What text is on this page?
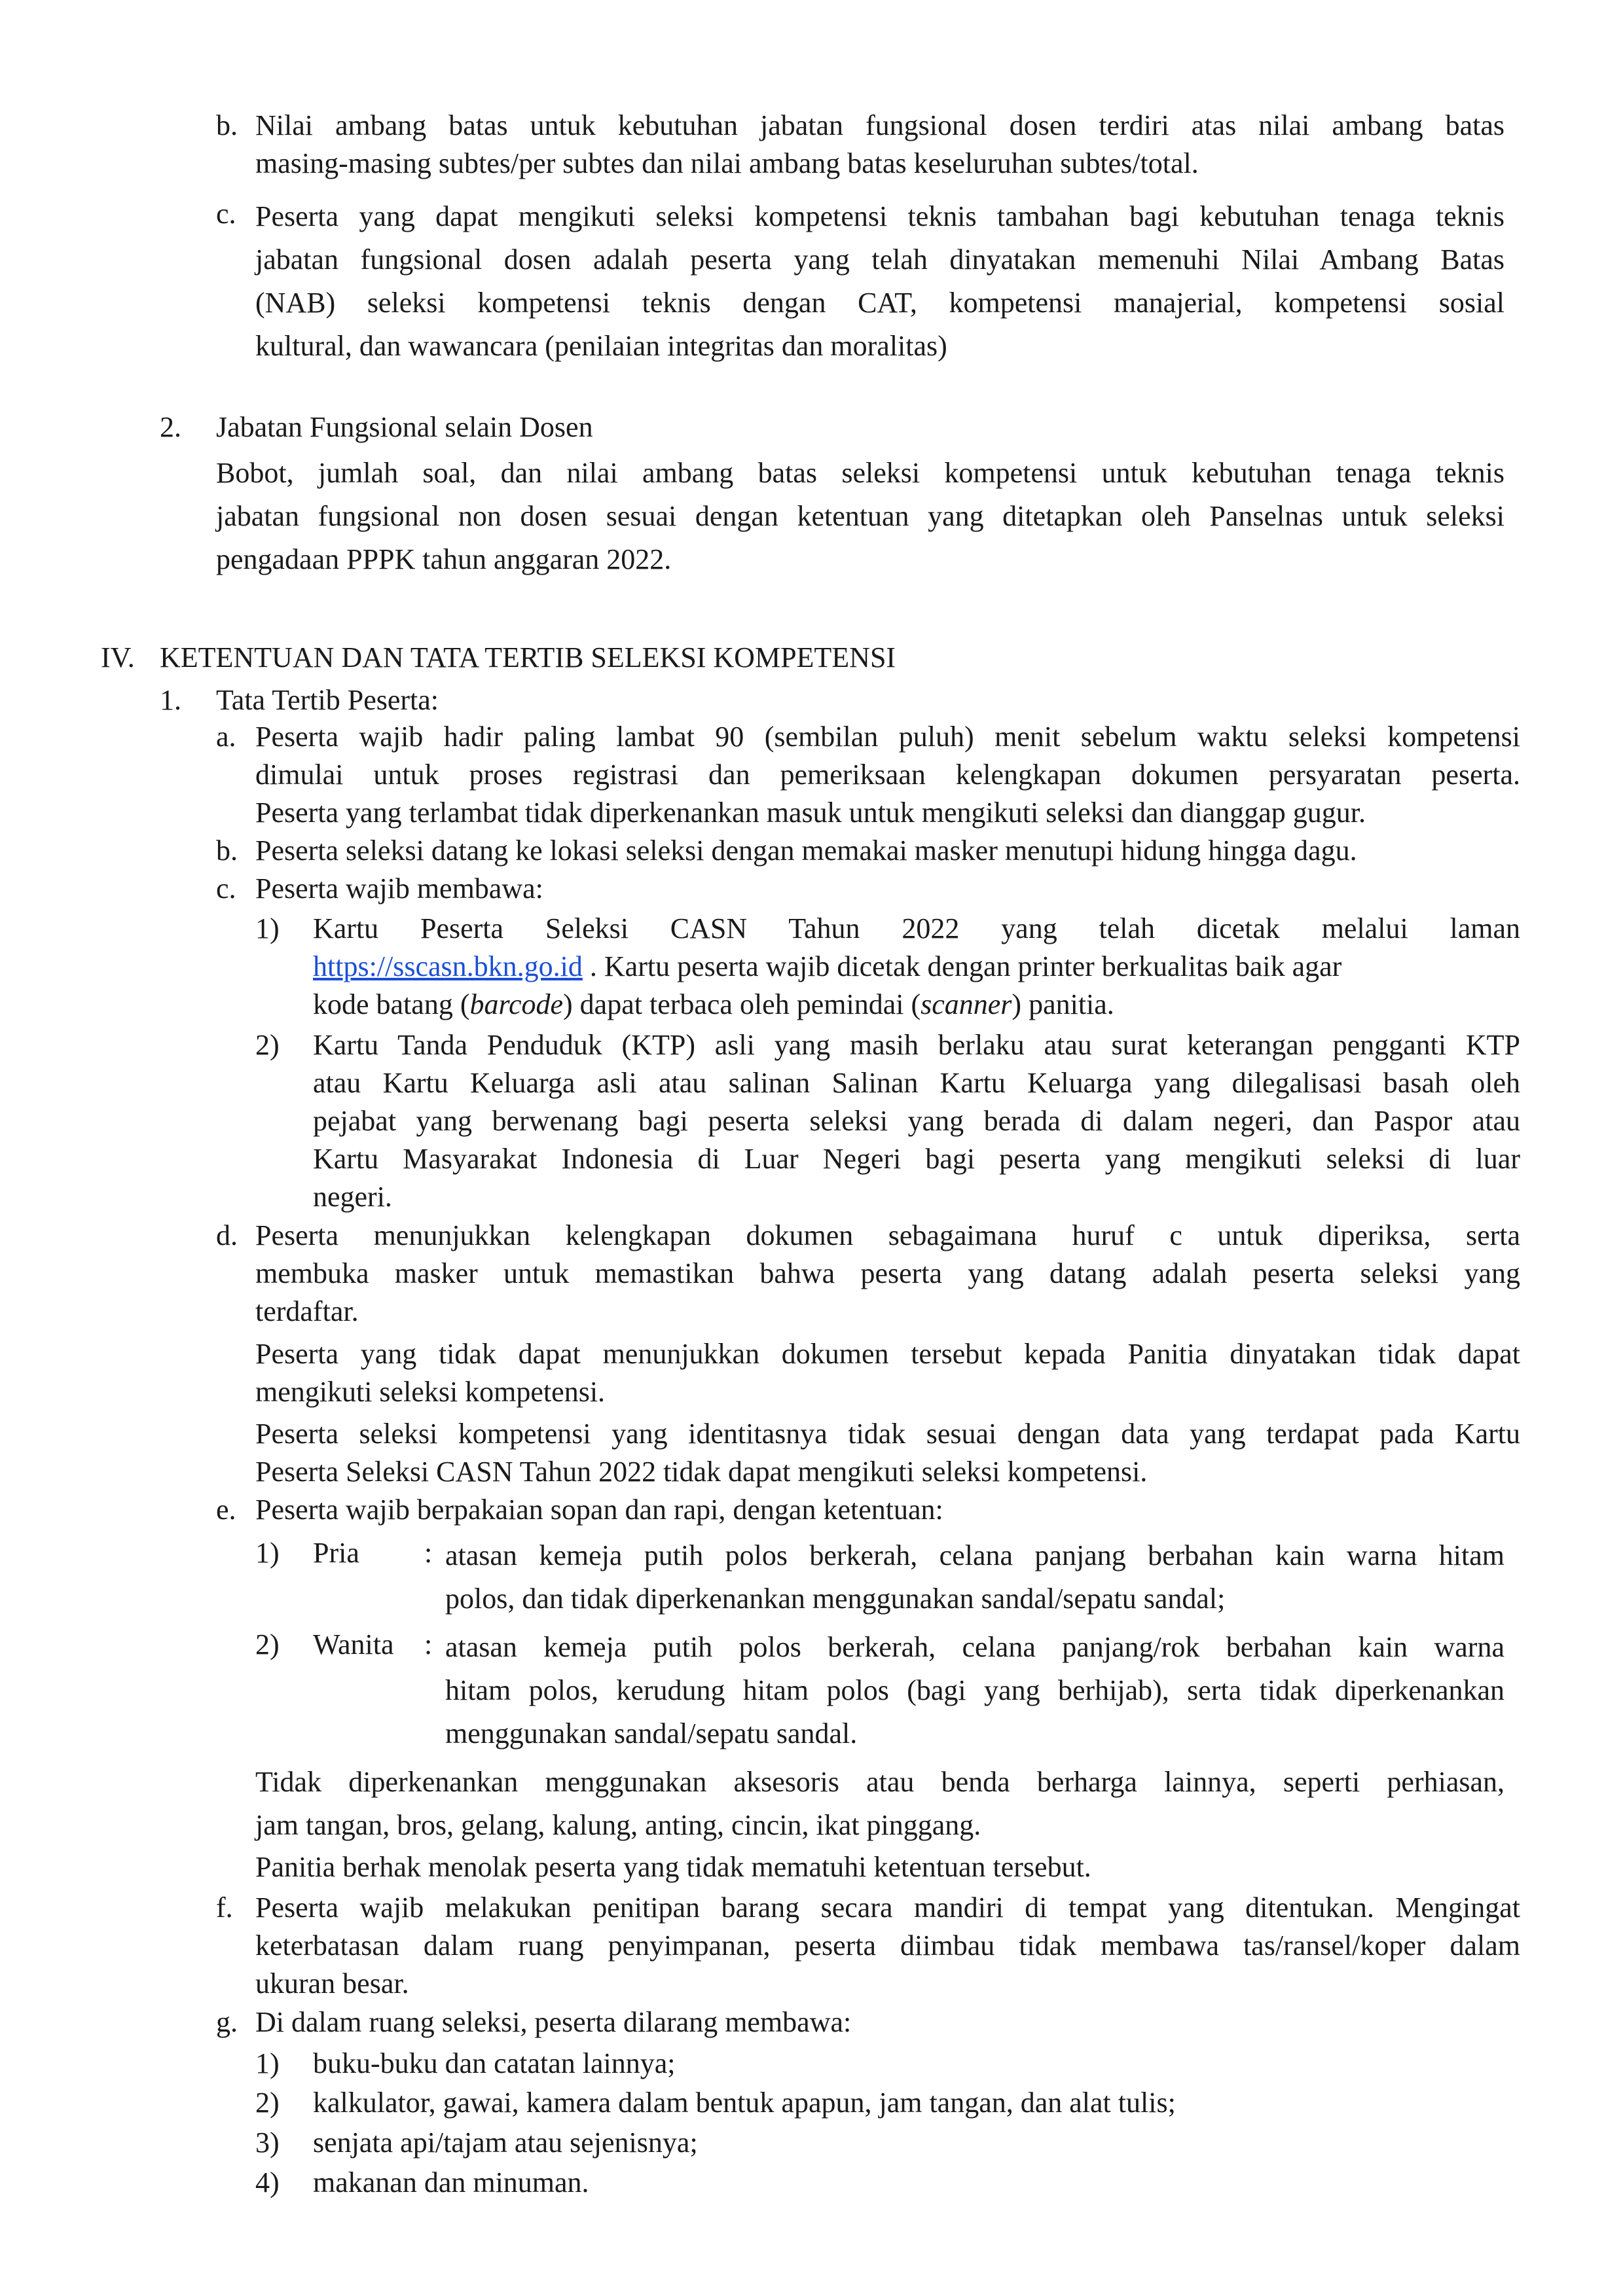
b. Nilai ambang batas untuk kebutuhan jabatan fungsional dosen terdiri atas nilai ambang batas
masing-masing subtes/per subtes dan nilai ambang batas keseluruhan subtes/total.
c. Peserta yang dapat mengikuti seleksi kompetensi teknis tambahan bagi kebutuhan tenaga teknis
jabatan fungsional dosen adalah peserta yang telah dinyatakan memenuhi Nilai Ambang Batas
(NAB) seleksi kompetensi teknis dengan CAT, kompetensi manajerial, kompetensi sosial
kultural, dan wawancara (penilaian integritas dan moralitas)
2. Jabatan Fungsional selain Dosen
Bobot, jumlah soal, dan nilai ambang batas seleksi kompetensi untuk kebutuhan tenaga teknis
jabatan fungsional non dosen sesuai dengan ketentuan yang ditetapkan oleh Panselnas untuk seleksi
pengadaan PPPK tahun anggaran 2022.
IV. KETENTUAN DAN TATA TERTIB SELEKSI KOMPETENSI
1. Tata Tertib Peserta:
a. Peserta wajib hadir paling lambat 90 (sembilan puluh) menit sebelum waktu seleksi kompetensi
dimulai untuk proses registrasi dan pemeriksaan kelengkapan dokumen persyaratan peserta.
Peserta yang terlambat tidak diperkenankan masuk untuk mengikuti seleksi dan dianggap gugur.
b. Peserta seleksi datang ke lokasi seleksi dengan memakai masker menutupi hidung hingga dagu.
c. Peserta wajib membawa:
1) Kartu Peserta Seleksi CASN Tahun 2022 yang telah dicetak melalui laman
https://sscasn.bkn.go.id . Kartu peserta wajib dicetak dengan printer berkualitas baik agar
kode batang (barcode) dapat terbaca oleh pemindai (scanner) panitia.
2) Kartu Tanda Penduduk (KTP) asli yang masih berlaku atau surat keterangan pengganti KTP
atau Kartu Keluarga asli atau salinan Salinan Kartu Keluarga yang dilegalisasi basah oleh
pejabat yang berwenang bagi peserta seleksi yang berada di dalam negeri, dan Paspor atau
Kartu Masyarakat Indonesia di Luar Negeri bagi peserta yang mengikuti seleksi di luar
negeri.
d. Peserta menunjukkan kelengkapan dokumen sebagaimana huruf c untuk diperiksa, serta
membuka masker untuk memastikan bahwa peserta yang datang adalah peserta seleksi yang
terdaftar.
Peserta yang tidak dapat menunjukkan dokumen tersebut kepada Panitia dinyatakan tidak dapat
mengikuti seleksi kompetensi.
Peserta seleksi kompetensi yang identitasnya tidak sesuai dengan data yang terdapat pada Kartu
Peserta Seleksi CASN Tahun 2022 tidak dapat mengikuti seleksi kompetensi.
e. Peserta wajib berpakaian sopan dan rapi, dengan ketentuan:
1) Pria : atasan kemeja putih polos berkerah, celana panjang berbahan kain warna hitam
polos, dan tidak diperkenankan menggunakan sandal/sepatu sandal;
2) Wanita : atasan kemeja putih polos berkerah, celana panjang/rok berbahan kain warna
hitam polos, kerudung hitam polos (bagi yang berhijab), serta tidak diperkenankan
menggunakan sandal/sepatu sandal.
Tidak diperkenankan menggunakan aksesoris atau benda berharga lainnya, seperti perhiasan,
jam tangan, bros, gelang, kalung, anting, cincin, ikat pinggang.
Panitia berhak menolak peserta yang tidak mematuhi ketentuan tersebut.
f. Peserta wajib melakukan penitipan barang secara mandiri di tempat yang ditentukan. Mengingat
keterbatasan dalam ruang penyimpanan, peserta diimbau tidak membawa tas/ransel/koper dalam
ukuran besar.
g. Di dalam ruang seleksi, peserta dilarang membawa:
1) buku-buku dan catatan lainnya;
2) kalkulator, gawai, kamera dalam bentuk apapun, jam tangan, dan alat tulis;
3) senjata api/tajam atau sejenisnya;
4) makanan dan minuman.
